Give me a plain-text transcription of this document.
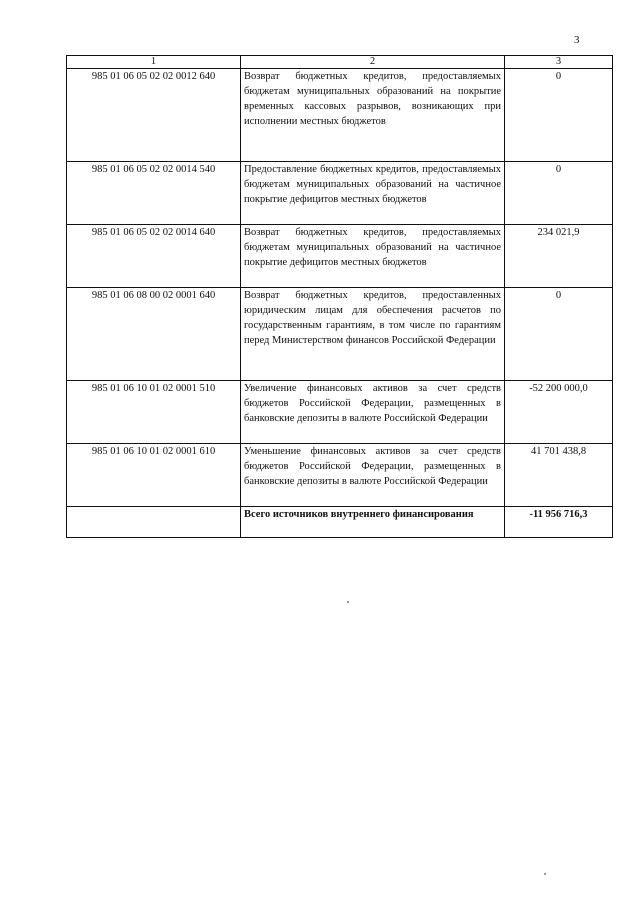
3
1	2	3
985 01 06 05 02 02 0012 640	Возврат бюджетных кредитов, предоставляемых бюджетам муниципальных образований на покрытие временных кассовых разрывов, возникающих при исполнении местных бюджетов	0
985 01 06 05 02 02 0014 540	Предоставление бюджетных кредитов, предоставляемых бюджетам муниципальных образований на частичное покрытие дефицитов местных бюджетов	0
985 01 06 05 02 02 0014 640	Возврат бюджетных кредитов, предоставляемых бюджетам муниципальных образований на частичное покрытие дефицитов местных бюджетов	234 021,9
985 01 06 08 00 02 0001 640	Возврат бюджетных кредитов, предоставленных юридическим лицам для обеспечения расчетов по государственным гарантиям, в том числе по гарантиям перед Министерством финансов Российской Федерации	0
985 01 06 10 01 02 0001 510	Увеличение финансовых активов за счет средств бюджетов Российской Федерации, размещенных в банковские депозиты в валюте Российской Федерации	-52 200 000,0
985 01 06 10 01 02 0001 610	Уменьшение финансовых активов за счет средств бюджетов Российской Федерации, размещенных в банковские депозиты в валюте Российской Федерации	41 701 438,8
	Всего источников внутреннего финансирования	-11 956 716,3
